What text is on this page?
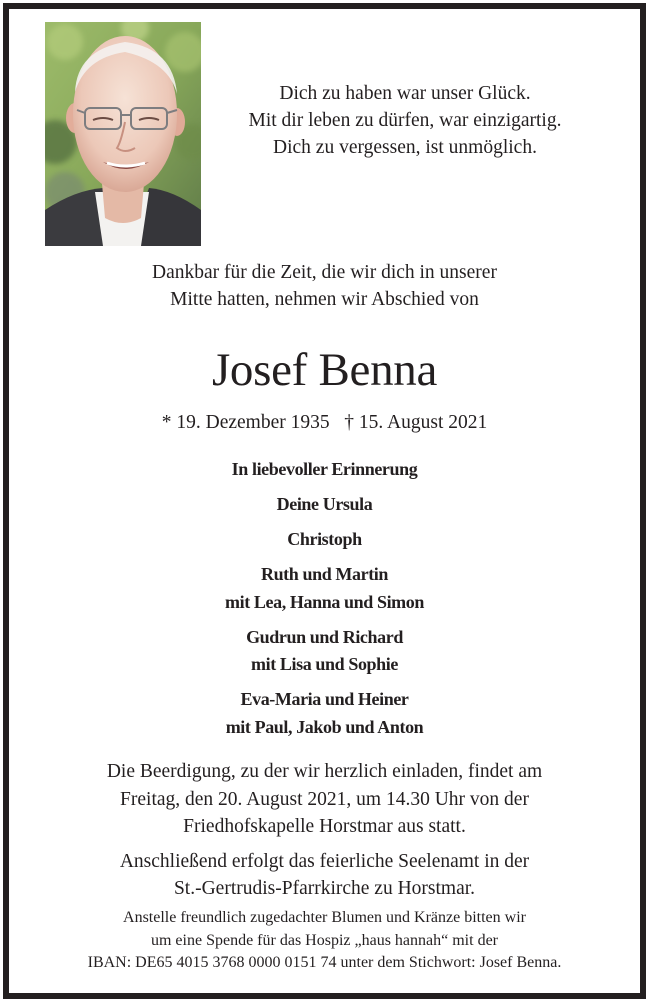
Dich zu haben war unser Glück.
Mit dir leben zu dürfen, war einzigartig.
Dich zu vergessen, ist unmöglich.
Dankbar für die Zeit, die wir dich in unserer
Mitte hatten, nehmen wir Abschied von
Josef Benna
* 19. Dezember 1935 † 15. August 2021
In liebevoller Erinnerung
Deine Ursula
Christoph
Ruth und Martin
mit Lea, Hanna und Simon
Gudrun und Richard
mit Lisa und Sophie
Eva-Maria und Heiner
mit Paul, Jakob und Anton
Die Beerdigung, zu der wir herzlich einladen, findet am
Freitag, den 20. August 2021, um 14.30 Uhr von der
Friedhofskapelle Horstmar aus statt.
Anschließend erfolgt das feierliche Seelenamt in der
St.-Gertrudis-Pfarrkirche zu Horstmar.
Anstelle freundlich zugedachter Blumen und Kränze bitten wir
um eine Spende für das Hospiz „haus hannah“ mit der
IBAN: DE65 4015 3768 0000 0151 74 unter dem Stichwort: Josef Benna.
